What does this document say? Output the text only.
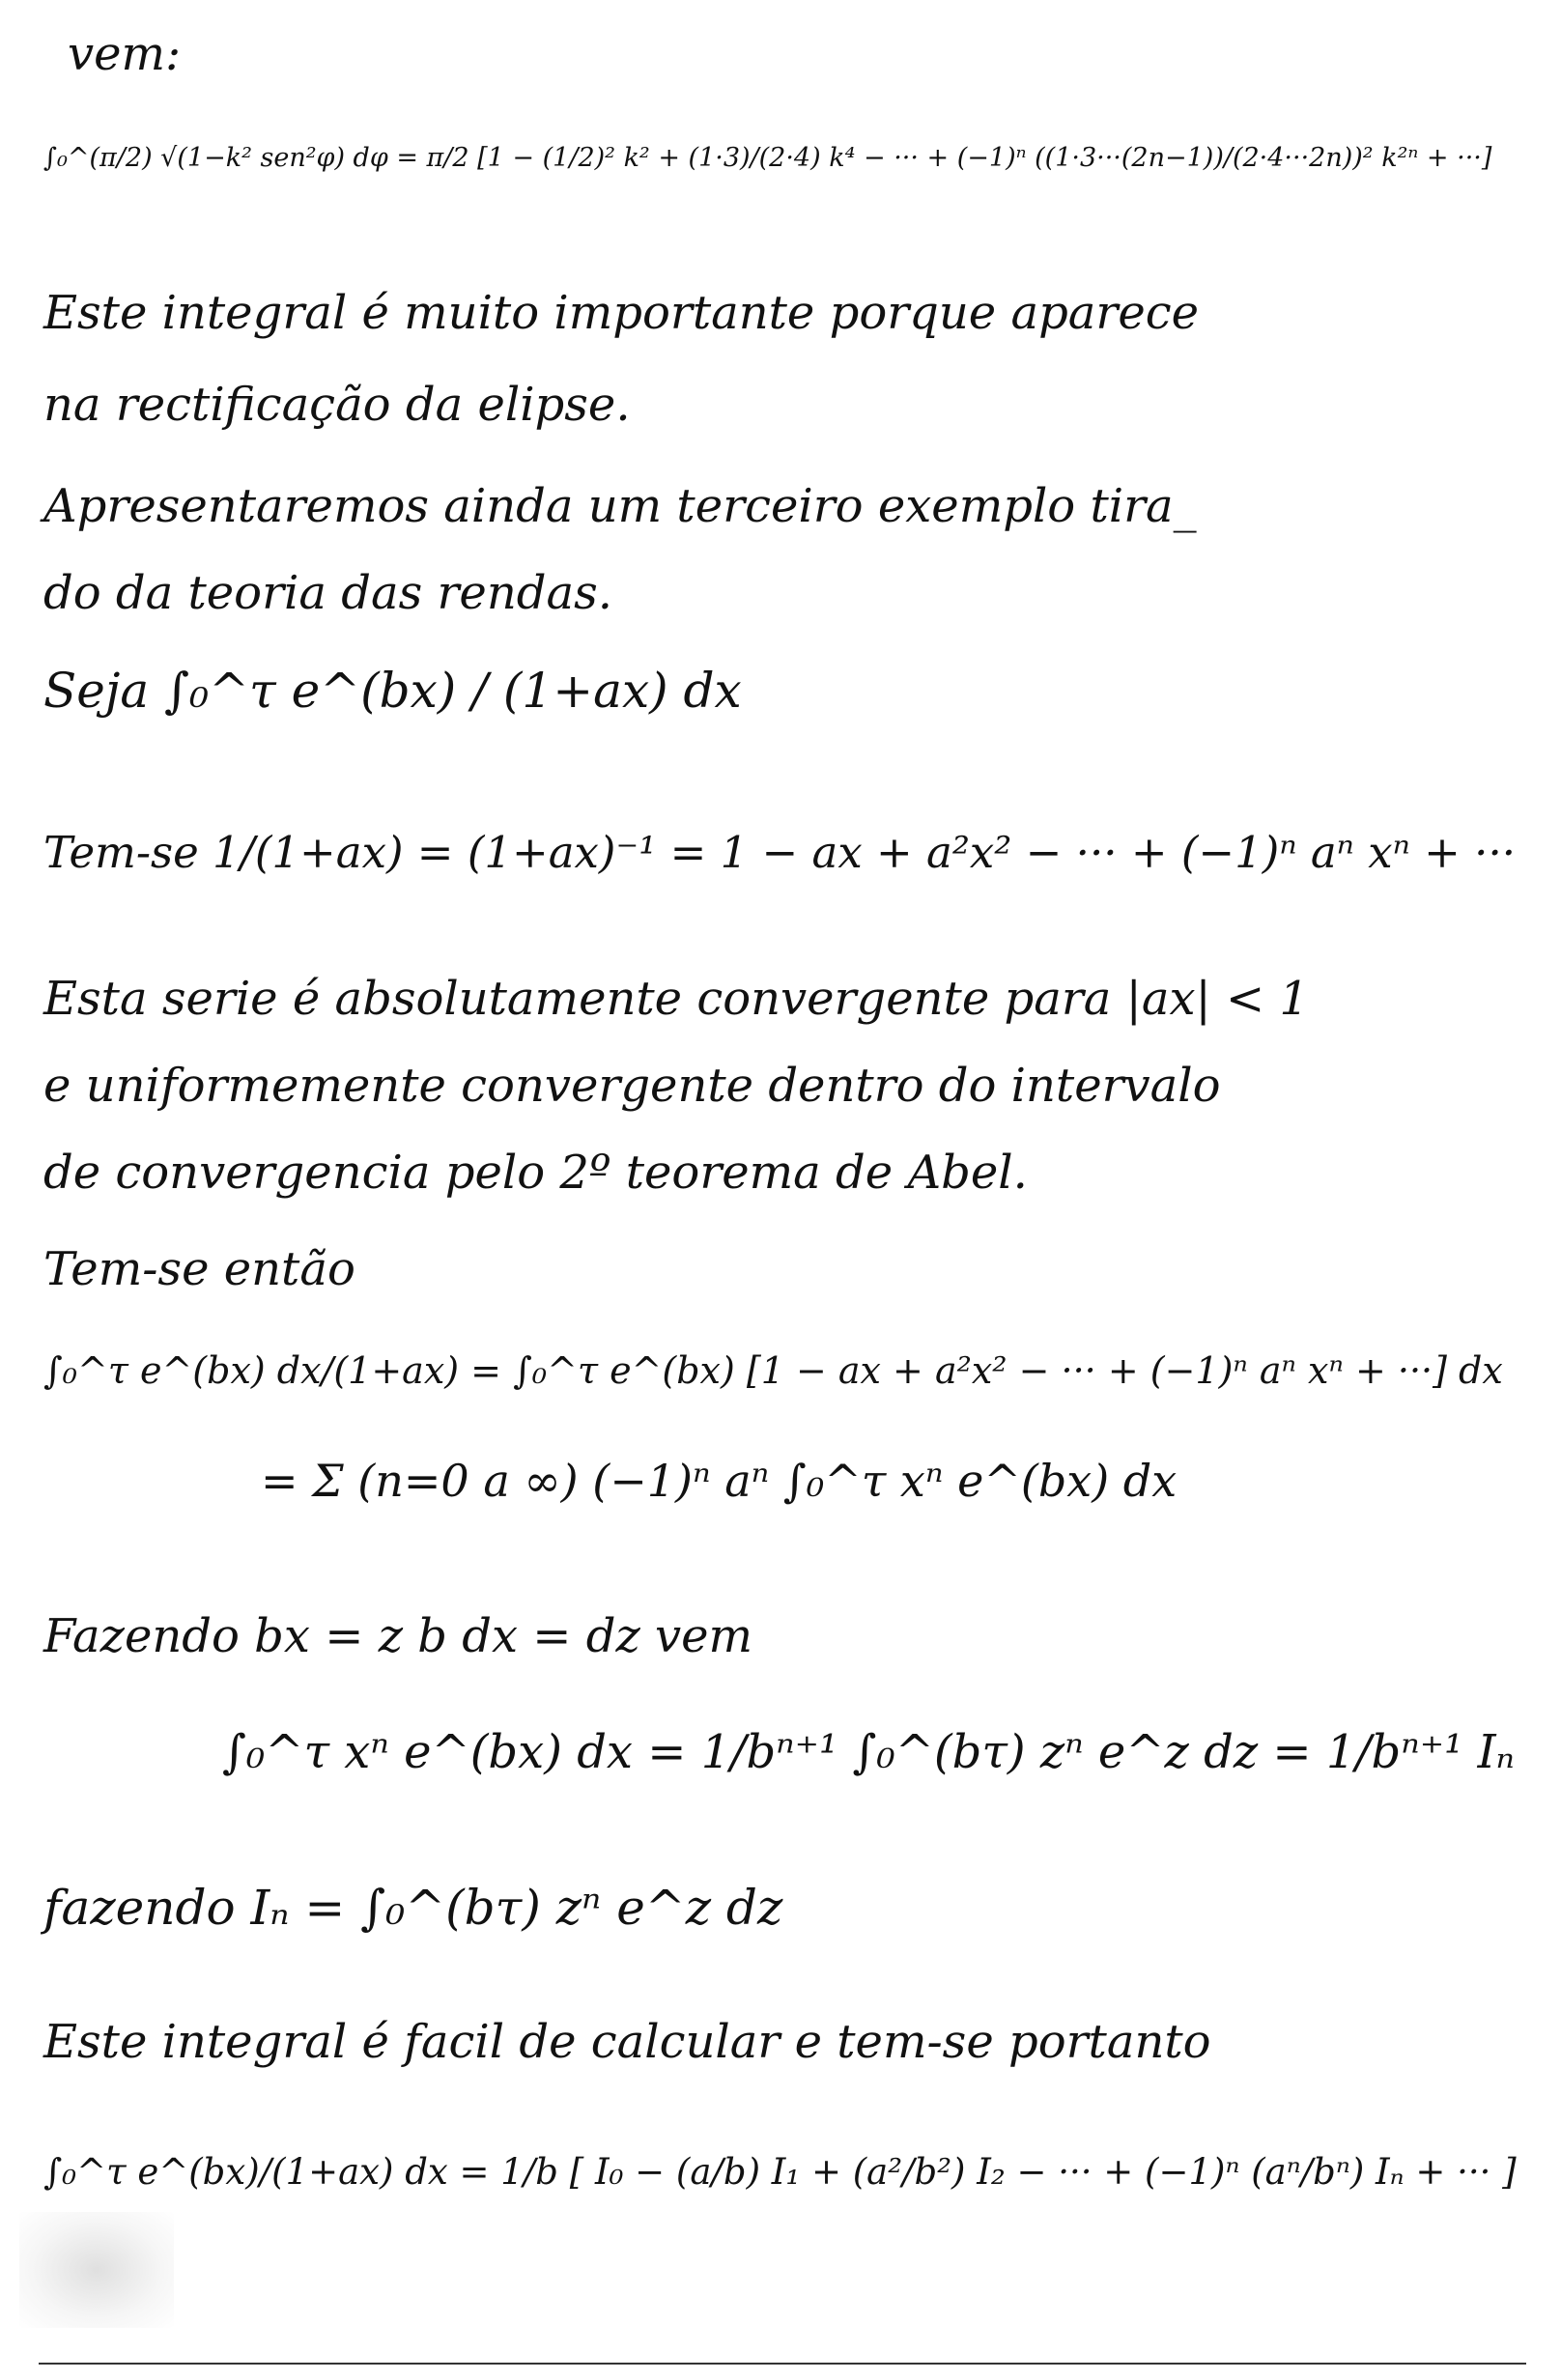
vem:
∫₀^(π/2) √(1−k² sen²φ) dφ = π/2 [1 − (1/2)² k² + (1·3)/(2·4) k⁴ − ··· + (−1)ⁿ ((1·3···(2n−1))/(2·4···2n))² k²ⁿ + ···]
Este integral é muito importante porque aparece
na rectificação da elipse.
Apresentaremos ainda um terceiro exemplo tira_
do da teoria das rendas.
Seja ∫₀^τ e^(bx) / (1+ax) dx
Tem-se 1/(1+ax) = (1+ax)⁻¹ = 1 − ax + a²x² − ··· + (−1)ⁿ aⁿ xⁿ + ···
Esta serie é absolutamente convergente para |ax| < 1
e uniformemente convergente dentro do intervalo
de convergencia pelo 2º teorema de Abel.
Tem-se então
∫₀^τ e^(bx) dx/(1+ax) = ∫₀^τ e^(bx) [1 − ax + a²x² − ··· + (−1)ⁿ aⁿ xⁿ + ···] dx
= Σ (n=0 a ∞) (−1)ⁿ aⁿ ∫₀^τ xⁿ e^(bx) dx
Fazendo bx = z b dx = dz vem
∫₀^τ xⁿ e^(bx) dx = 1/bⁿ⁺¹ ∫₀^(bτ) zⁿ e^z dz = 1/bⁿ⁺¹ Iₙ
fazendo Iₙ = ∫₀^(bτ) zⁿ e^z dz
Este integral é facil de calcular e tem-se portanto
∫₀^τ e^(bx)/(1+ax) dx = 1/b [ I₀ − (a/b) I₁ + (a²/b²) I₂ − ··· + (−1)ⁿ (aⁿ/bⁿ) Iₙ + ··· ]
